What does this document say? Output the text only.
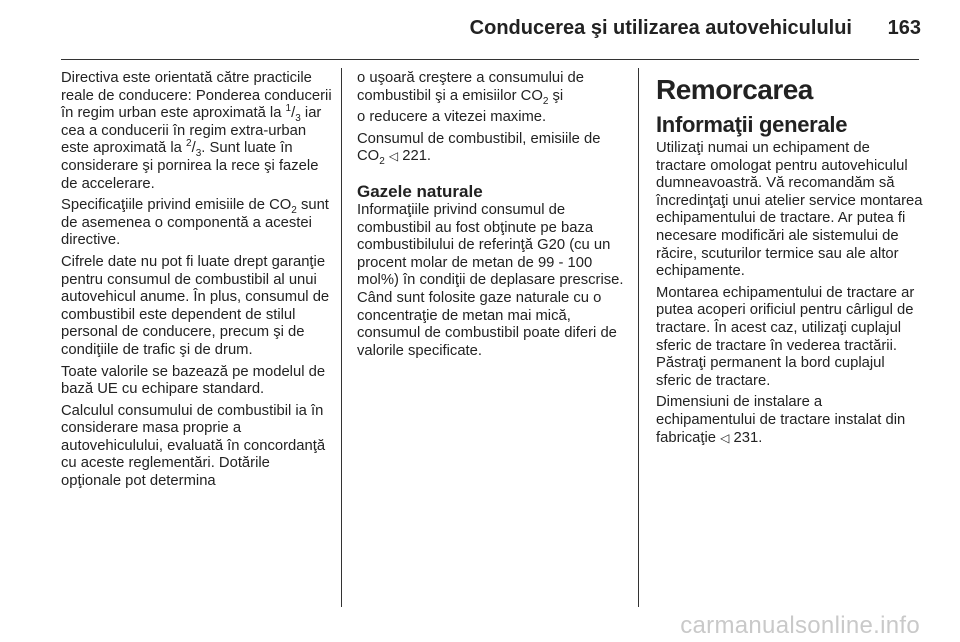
Conducerea şi utilizarea autovehiculului 163

Directiva este orientată către practicile reale de conducere: Ponderea conducerii în regim urban este aproximată la $^1/_3$ iar cea a conducerii în regim extra-urban este aproximată la $^2/_3$. Sunt luate în considerare şi pornirea la rece şi fazele de accelerare.

Specificaţiile privind emisiile de $CO_2$ sunt de asemenea o componentă a acestei directive.

Cifrele date nu pot fi luate drept garanţie pentru consumul de combustibil al unui autovehicul anume. În plus, consumul de combustibil este dependent de stilul personal de conducere, precum şi de condiţiile de trafic şi de drum.

Toate valorile se bazează pe modelul de bază UE cu echipare standard.

Calculul consumului de combustibil ia în considerare masa proprie a autovehiculului, evaluată în concordanţă cu aceste reglementări. Dotările opţionale pot determina

o uşoară creştere a consumului de combustibil şi a emisiilor $CO_2$ şi

o reducere a vitezei maxime.

Consumul de combustibil, emisiile de $CO_2$ ◁ 221.

Gazele naturale

Informaţiile privind consumul de combustibil au fost obţinute pe baza combustibilului de referinţă G20 (cu un procent molar de metan de 99 - 100 mol%) în condiţii de deplasare prescrise. Când sunt folosite gaze naturale cu o concentraţie de metan mai mică, consumul de combustibil poate diferi de valorile specificate.

Remorcarea
Informaţii generale

Utilizaţi numai un echipament de tractare omologat pentru autovehiculul dumneavoastră. Vă recomandăm să încredinţaţi unui atelier service montarea echipamentului de tractare. Ar putea fi necesare modificări ale sistemului de răcire, scuturilor termice sau ale altor echipamente.

Montarea echipamentului de tractare ar putea acoperi orificiul pentru cârligul de tractare. În acest caz, utilizaţi cuplajul sferic de tractare în vederea tractării. Păstraţi permanent la bord cuplajul sferic de tractare.

Dimensiuni de instalare a echipamentului de tractare instalat din fabricaţie ◁ 231.

carmanualsonline.info
